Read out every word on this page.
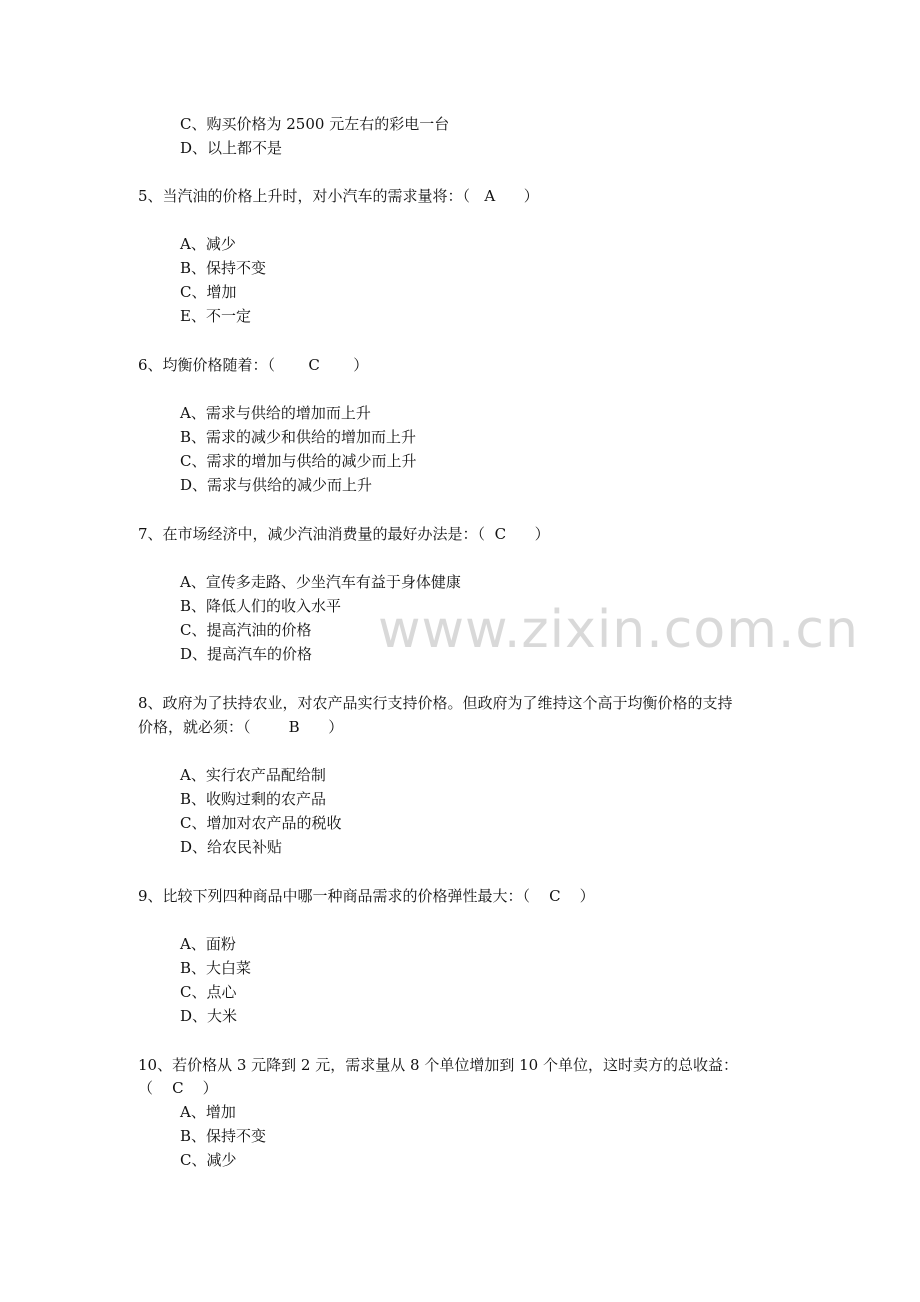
www.zixin.com.cn
C、购买价格为 2500 元左右的彩电一台
D、以上都不是
5、当汽油的价格上升时，对小汽车的需求量将：（   A      ）
A、减少
B、保持不变
C、增加
E、不一定
6、均衡价格随着：（       C       ）
A、需求与供给的增加而上升
B、需求的减少和供给的增加而上升
C、需求的增加与供给的减少而上升
D、需求与供给的减少而上升
7、在市场经济中，减少汽油消费量的最好办法是：（  C      ）
A、宣传多走路、少坐汽车有益于身体健康
B、降低人们的收入水平
C、提高汽油的价格
D、提高汽车的价格
8、政府为了扶持农业，对农产品实行支持价格。但政府为了维持这个高于均衡价格的支持
价格，就必须：（        B      ）
A、实行农产品配给制
B、收购过剩的农产品
C、增加对农产品的税收
D、给农民补贴
9、比较下列四种商品中哪一种商品需求的价格弹性最大：（    C    ）
A、面粉
B、大白菜
C、点心
D、大米
10、若价格从 3 元降到 2 元，需求量从 8 个单位增加到 10 个单位，这时卖方的总收益：
（    C    ）
A、增加
B、保持不变
C、减少
